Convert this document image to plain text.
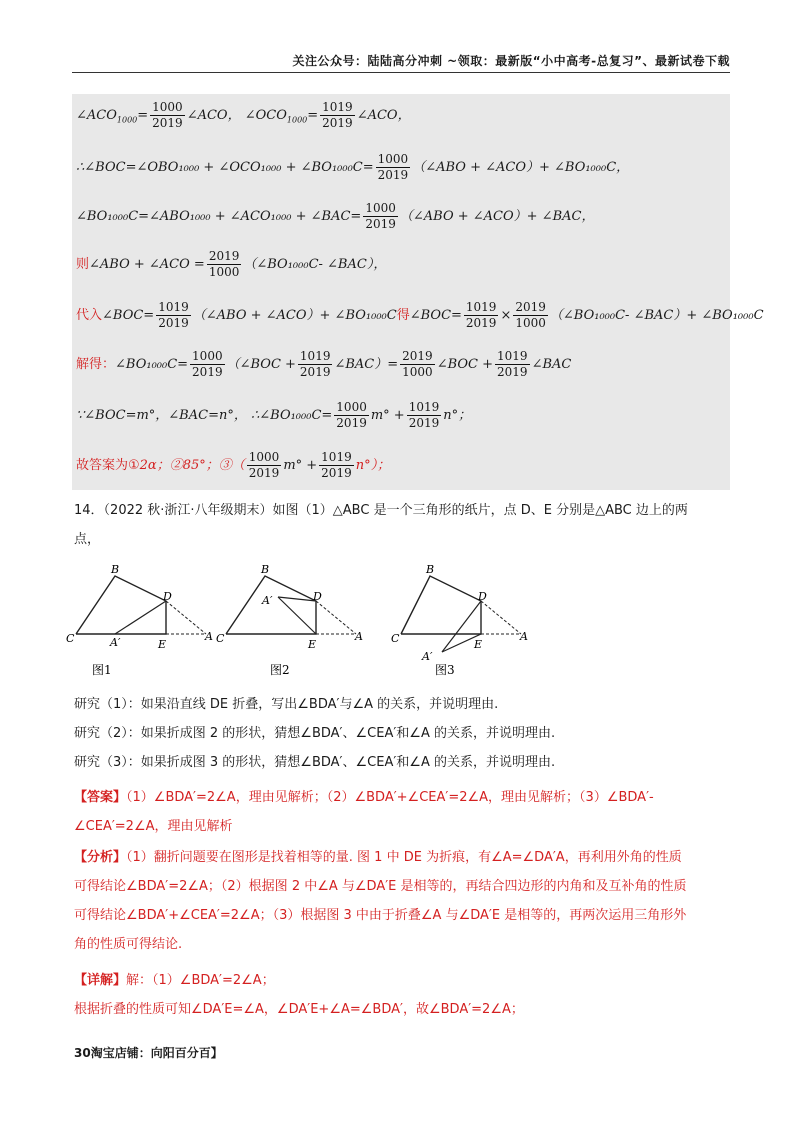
关注公众号：陆陆高分冲刺 ~领取：最新版“小中高考-总复习”、最新试卷下载
$\angle ACO_{1000}= \frac{1000}{2019}$ ∠ACO， $\angle OCO_{1000}= \frac{1019}{2019}$ ∠ACO，
∴∠BOC=∠OBO₁₀₀₀ + ∠OCO₁₀₀₀ + ∠BO₁₀₀₀C= $\frac{1000}{2019}$ （∠ABO + ∠ACO）+ ∠BO₁₀₀₀C，
∠BO₁₀₀₀C=∠ABO₁₀₀₀ + ∠ACO₁₀₀₀ + ∠BAC= $\frac{1000}{2019}$ （∠ABO + ∠ACO）+ ∠BAC，
则∠ABO + ∠ACO = $\frac{2019}{1000}$ （∠BO₁₀₀₀C- ∠BAC），
代入∠BOC= $\frac{1019}{2019}$ （∠ABO + ∠ACO）+ ∠BO₁₀₀₀C得∠BOC= $\frac{1019}{2019} \times \frac{2019}{1000}$ （∠BO₁₀₀₀C- ∠BAC）+ ∠BO₁₀₀₀C
解得：∠BO₁₀₀₀C= $\frac{1000}{2019}$ （∠BOC + $\frac{1019}{2019}$ ∠BAC）= $\frac{2019}{1000}$ ∠BOC + $\frac{1019}{2019}$ ∠BAC
∵∠BOC=m°，∠BAC=n°， ∴∠BO₁₀₀₀C= $\frac{1000}{2019} m^\circ + \frac{1019}{2019} n^\circ$；
故答案为①2α；②85°；③（ $\frac{1000}{2019} m^\circ + \frac{1019}{2019} n^\circ$）；
14．（2022 秋·浙江·八年级期末）如图（1）△ABC 是一个三角形的纸片，点 D、E 分别是△ABC 边上的两
点，
B
D
C	A′	E
A
图1
B
D
C
A′
E
A
图2
B
D
C
A′
E
A
图3
研究（1）：如果沿直线 DE 折叠，写出∠BDA′与∠A 的关系，并说明理由.
研究（2）：如果折成图 2 的形状，猜想∠BDA′、∠CEA′和∠A 的关系，并说明理由.
研究（3）：如果折成图 3 的形状，猜想∠BDA′、∠CEA′和∠A 的关系，并说明理由.
【答案】（1）∠BDA′=2∠A，理由见解析；（2）∠BDA′+∠CEA′=2∠A，理由见解析；（3）∠BDA′-
∠CEA′=2∠A，理由见解析
【分析】（1）翻折问题要在图形是找着相等的量. 图 1 中 DE 为折痕，有∠A=∠DA′A，再利用外角的性质
可得结论∠BDA′=2∠A；（2）根据图 2 中∠A 与∠DA′E 是相等的，再结合四边形的内角和及互补角的性质
可得结论∠BDA′+∠CEA′=2∠A；（3）根据图 3 中由于折叠∠A 与∠DA′E 是相等的，再两次运用三角形外
角的性质可得结论.
【详解】解：（1）∠BDA′=2∠A；
根据折叠的性质可知∠DA′E=∠A，∠DA′E+∠A=∠BDA′，故∠BDA′=2∠A；
30淘宝店铺：向阳百分百】
